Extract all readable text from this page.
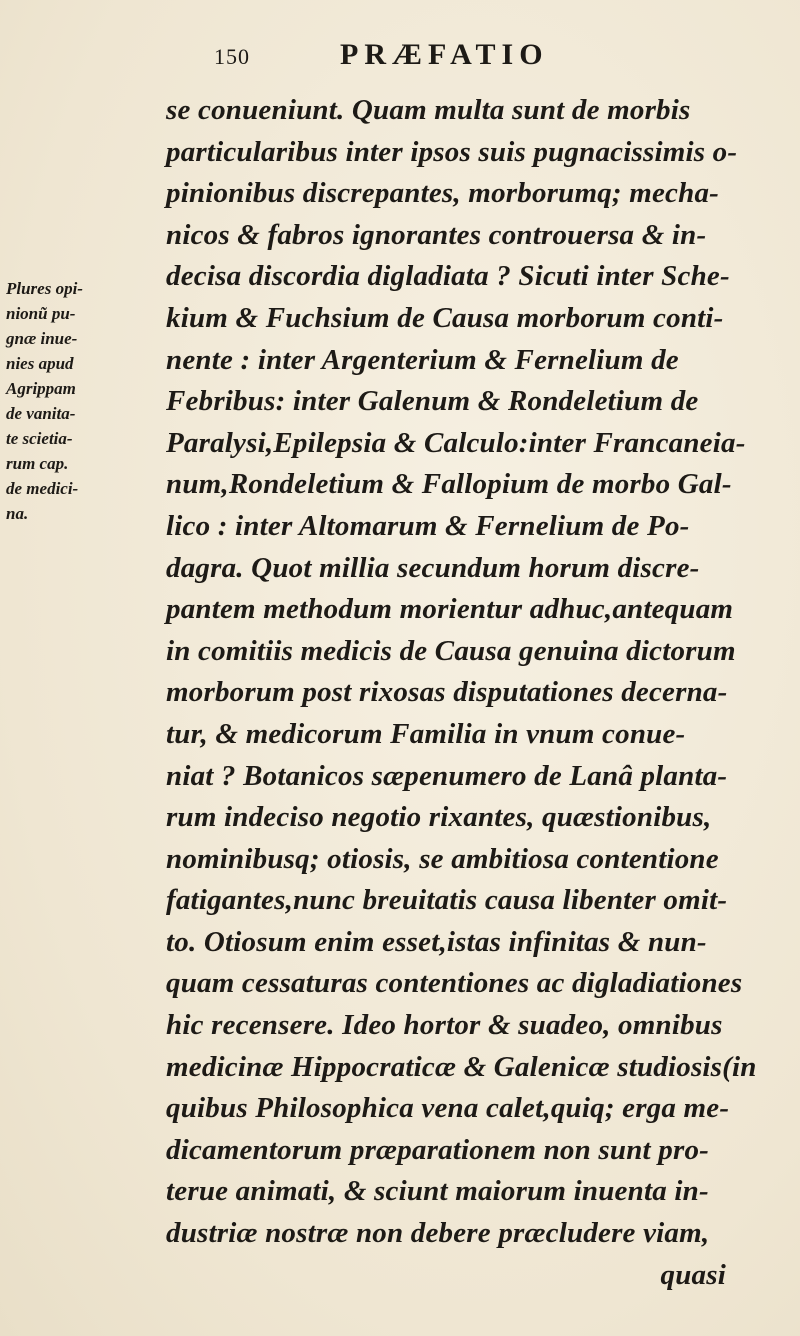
150	PRÆFATIO
Plures opi-
nionũ pu-
gnæ inue-
nies apud
Agrippam
de vanita-
te scietia-
rum cap.
de medici-
na.
se conueniunt. Quam multa sunt de morbis
particularibus inter ipsos suis pugnacissimis o-
pinionibus discrepantes, morborumq; mecha-
nicos & fabros ignorantes controuersa & in-
decisa discordia digladiata ? Sicuti inter Sche-
kium & Fuchsium de Causa morborum conti-
nente : inter Argenterium & Fernelium de
Febribus: inter Galenum & Rondeletium de
Paralysi,Epilepsia & Calculo:inter Francaneia-
num,Rondeletium & Fallopium de morbo Gal-
lico : inter Altomarum & Fernelium de Po-
dagra. Quot millia secundum horum discre-
pantem methodum morientur adhuc,antequam
in comitiis medicis de Causa genuina dictorum
morborum post rixosas disputationes decerna-
tur, & medicorum Familia in vnum conue-
niat ? Botanicos sæpenumero de Lanâ planta-
rum indeciso negotio rixantes, quæstionibus,
nominibusq; otiosis, se ambitiosa contentione
fatigantes,nunc breuitatis causa libenter omit-
to. Otiosum enim esset,istas infinitas & nun-
quam cessaturas contentiones ac digladiationes
hic recensere. Ideo hortor & suadeo, omnibus
medicinæ Hippocraticæ & Galenicæ studiosis(in
quibus Philosophica vena calet,quiq; erga me-
dicamentorum præparationem non sunt pro-
terue animati, & sciunt maiorum inuenta in-
dustriæ nostræ non debere præcludere viam,
quasi
